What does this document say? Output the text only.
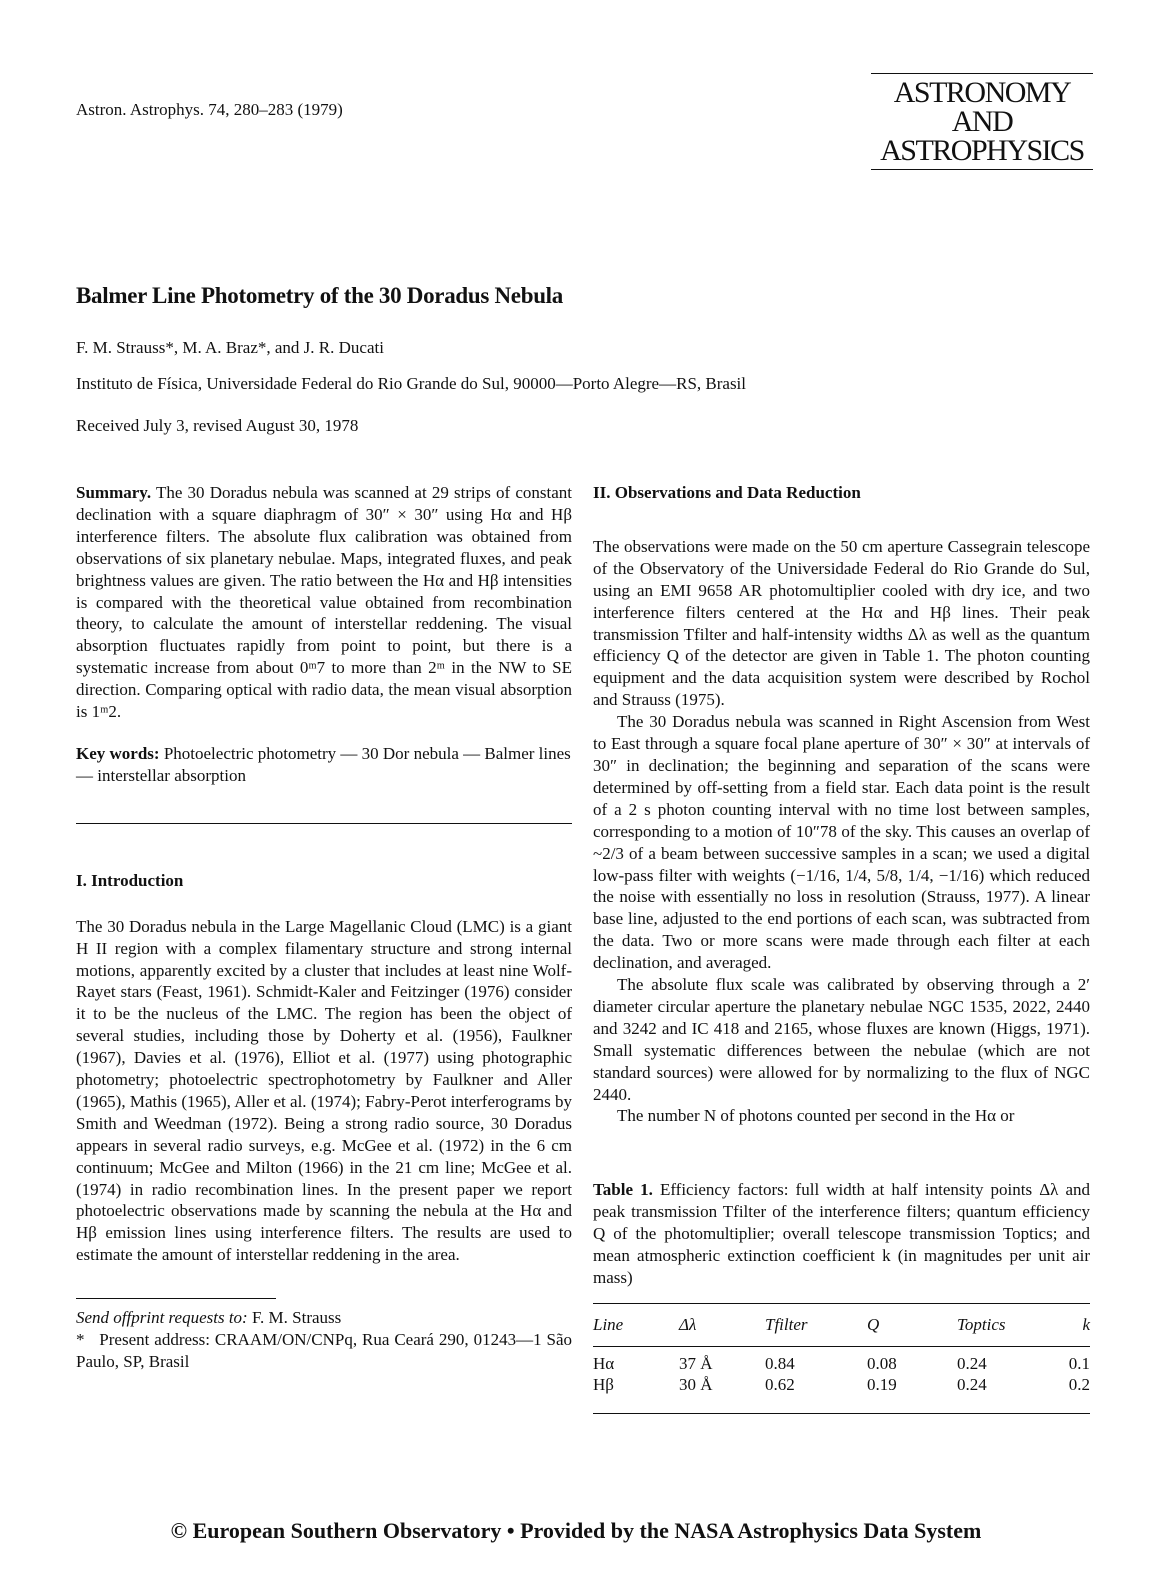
Astron. Astrophys. 74, 280–283 (1979)
ASTRONOMY
AND
ASTROPHYSICS
Balmer Line Photometry of the 30 Doradus Nebula
F. M. Strauss*, M. A. Braz*, and J. R. Ducati
Instituto de Física, Universidade Federal do Rio Grande do Sul, 90000—Porto Alegre—RS, Brasil
Received July 3, revised August 30, 1978

Summary. The 30 Doradus nebula was scanned at 29 strips of constant declination with a square diaphragm of 30″ × 30″ using Hα and Hβ interference filters. The absolute flux calibration was obtained from observations of six planetary nebulae. Maps, integrated fluxes, and peak brightness values are given. The ratio between the Hα and Hβ intensities is compared with the theoretical value obtained from recombination theory, to calculate the amount of interstellar reddening. The visual absorption fluctuates rapidly from point to point, but there is a systematic increase from about 0ᵐ7 to more than 2ᵐ in the NW to SE direction. Comparing optical with radio data, the mean visual absorption is 1ᵐ2.

Key words: Photoelectric photometry — 30 Dor nebula — Balmer lines — interstellar absorption

I. Introduction

The 30 Doradus nebula in the Large Magellanic Cloud (LMC) is a giant H II region with a complex filamentary structure and strong internal motions, apparently excited by a cluster that includes at least nine Wolf-Rayet stars (Feast, 1961). Schmidt-Kaler and Feitzinger (1976) consider it to be the nucleus of the LMC. The region has been the object of several studies, including those by Doherty et al. (1956), Faulkner (1967), Davies et al. (1976), Elliot et al. (1977) using photographic photometry; photoelectric spectrophotometry by Faulkner and Aller (1965), Mathis (1965), Aller et al. (1974); Fabry-Perot interferograms by Smith and Weedman (1972). Being a strong radio source, 30 Doradus appears in several radio surveys, e.g. McGee et al. (1972) in the 6 cm continuum; McGee and Milton (1966) in the 21 cm line; McGee et al. (1974) in radio recombination lines. In the present paper we report photoelectric observations made by scanning the nebula at the Hα and Hβ emission lines using interference filters. The results are used to estimate the amount of interstellar reddening in the area.

Send offprint requests to: F. M. Strauss

* Present address: CRAAM/ON/CNPq, Rua Ceará 290, 01243—1 São Paulo, SP, Brasil

II. Observations and Data Reduction

The observations were made on the 50 cm aperture Cassegrain telescope of the Observatory of the Universidade Federal do Rio Grande do Sul, using an EMI 9658 AR photomultiplier cooled with dry ice, and two interference filters centered at the Hα and Hβ lines. Their peak transmission Tfilter and half-intensity widths Δλ as well as the quantum efficiency Q of the detector are given in Table 1. The photon counting equipment and the data acquisition system were described by Rochol and Strauss (1975).

The 30 Doradus nebula was scanned in Right Ascension from West to East through a square focal plane aperture of 30″ × 30″ at intervals of 30″ in declination; the beginning and separation of the scans were determined by off-setting from a field star. Each data point is the result of a 2 s photon counting interval with no time lost between samples, corresponding to a motion of 10″78 of the sky. This causes an overlap of ~2/3 of a beam between successive samples in a scan; we used a digital low-pass filter with weights (−1/16, 1/4, 5/8, 1/4, −1/16) which reduced the noise with essentially no loss in resolution (Strauss, 1977). A linear base line, adjusted to the end portions of each scan, was subtracted from the data. Two or more scans were made through each filter at each declination, and averaged.

The absolute flux scale was calibrated by observing through a 2′ diameter circular aperture the planetary nebulae NGC 1535, 2022, 2440 and 3242 and IC 418 and 2165, whose fluxes are known (Higgs, 1971). Small systematic differences between the nebulae (which are not standard sources) were allowed for by normalizing to the flux of NGC 2440.

The number N of photons counted per second in the Hα or

Table 1. Efficiency factors: full width at half intensity points Δλ and peak transmission Tfilter of the interference filters; quantum efficiency Q of the photomultiplier; overall telescope transmission Toptics; and mean atmospheric extinction coefficient k (in magnitudes per unit air mass)

Line	Δλ	Tfilter	Q	Toptics	k

Hα	37 Å	0.84	0.08	0.24	0.1
Hβ	30 Å	0.62	0.19	0.24	0.2
© European Southern Observatory • Provided by the NASA Astrophysics Data System
